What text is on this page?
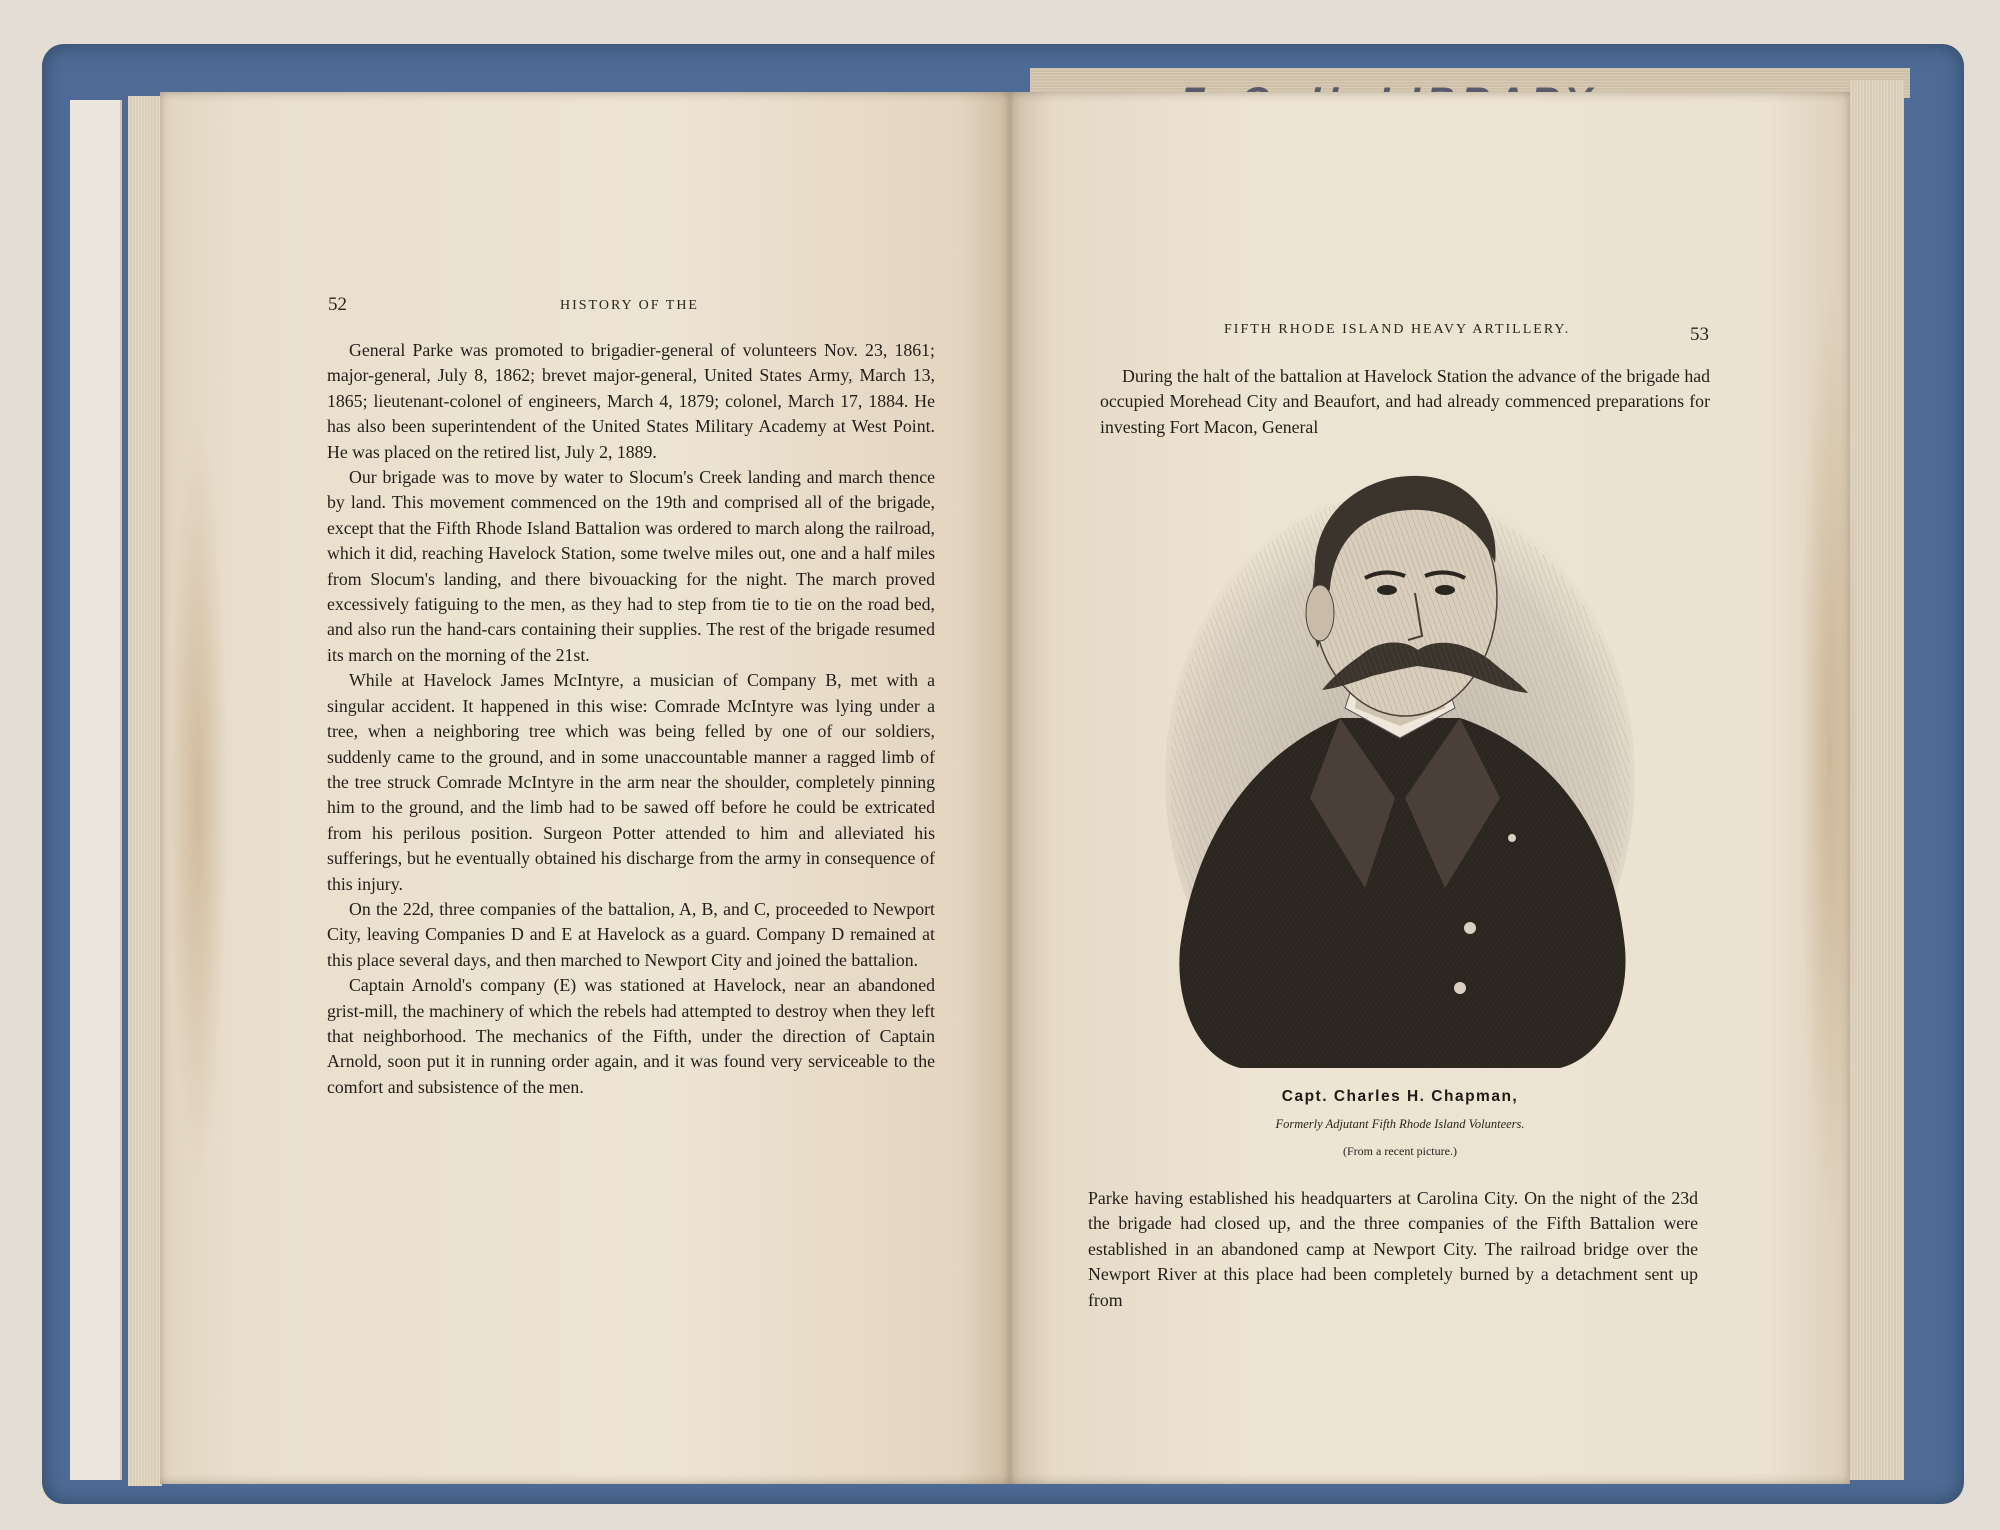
52	HISTORY OF THE

General Parke was promoted to brigadier-general of volunteers Nov. 23, 1861; major-general, July 8, 1862; brevet major-general, United States Army, March 13, 1865; lieutenant-colonel of engineers, March 4, 1879; colonel, March 17, 1884. He has also been superintendent of the United States Military Academy at West Point. He was placed on the retired list, July 2, 1889.

Our brigade was to move by water to Slocum's Creek landing and march thence by land. This movement commenced on the 19th and comprised all of the brigade, except that the Fifth Rhode Island Battalion was ordered to march along the railroad, which it did, reaching Havelock Station, some twelve miles out, one and a half miles from Slocum's landing, and there bivouacking for the night. The march proved excessively fatiguing to the men, as they had to step from tie to tie on the road bed, and also run the hand-cars containing their supplies. The rest of the brigade resumed its march on the morning of the 21st.

While at Havelock James McIntyre, a musician of Company B, met with a singular accident. It happened in this wise: Comrade McIntyre was lying under a tree, when a neighboring tree which was being felled by one of our soldiers, suddenly came to the ground, and in some unaccountable manner a ragged limb of the tree struck Comrade McIntyre in the arm near the shoulder, completely pinning him to the ground, and the limb had to be sawed off before he could be extricated from his perilous position. Surgeon Potter attended to him and alleviated his sufferings, but he eventually obtained his discharge from the army in consequence of this injury.

On the 22d, three companies of the battalion, A, B, and C, proceeded to Newport City, leaving Companies D and E at Havelock as a guard. Company D remained at this place several days, and then marched to Newport City and joined the battalion.

Captain Arnold's company (E) was stationed at Havelock, near an abandoned grist-mill, the machinery of which the rebels had attempted to destroy when they left that neighborhood. The mechanics of the Fifth, under the direction of Captain Arnold, soon put it in running order again, and it was found very serviceable to the comfort and subsistence of the men.

FIFTH RHODE ISLAND HEAVY ARTILLERY.	53

During the halt of the battalion at Havelock Station the advance of the brigade had occupied Morehead City and Beaufort, and had already commenced preparations for investing Fort Macon, General

Capt. Charles H. Chapman,
Formerly Adjutant Fifth Rhode Island Volunteers.
(From a recent picture.)

Parke having established his headquarters at Carolina City. On the night of the 23d the brigade had closed up, and the three companies of the Fifth Battalion were established in an abandoned camp at Newport City. The railroad bridge over the Newport River at this place had been completely burned by a detachment sent up from
